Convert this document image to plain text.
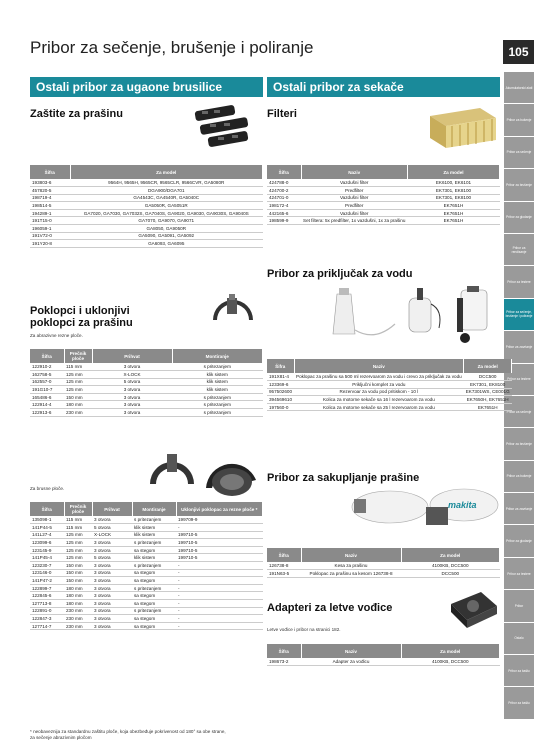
Pribor za sečenje, brušenje i poliranje	105
Akumulatorski alati
Pribor za bušenje
Pribor za sečenje
Pribor za brušenje
Pribor za glodanje
Pribor za rendisanje
Pribor za testere
Pribor za sečenje, brušenje i poliranje
Pribor za zavrtanje
Pribor za testere
Pribor za sečenje
Pribor za brušenje
Pribor za bušenje
Pribor za zavrtanje
Pribor za glodanje
Pribor za testere
Pribor
Ostalo
Pribor za baštu
Pribor za baštu
Ostali pribor za ugaone brusilice	Ostali pribor za sekače
Zaštite za prašinu
Šifra	Za model
193803-6	9564H, 9565H, 9565CR, 9565CLR, 9566CVR, GA5080R
457820-5	DGA900/DGA701
198719-4	GA4543C, GA4540R, GA5040C
198514-5	GA5050R, GA5051R
194289-1	GA7020, GA7030, GA7032S, GA7040S, GA9020, GA9030, GA9030S, GA9040S
191T15-0	GA7070, GA9070, GA9071
196059-1	GA8050, GA9050R
191V72-0	GA5090, GA5091, GA5092
191Y20-8	GA6093, GA6095
Poklopci i uklonjivi
poklopci za prašinu
Za abrazivne rezne ploče.
Šifra	Prečnik ploče	Prihvat	Montiranje
122910-2	115 mm	3 otvora	s pritezanjem
162758-5	125 mm	X-LOCK	klik sistem
162557-0	125 mm	5 otvora	klik sistem
191G10-7	125 mm	3 otvora	klik sistem
165486-6	150 mm	3 otvora	s pritezanjem
122914-4	180 mm	3 otvora	s pritezanjem
122913-6	230 mm	3 otvora	s pritezanjem
Za brusne ploče.
Šifra	Prečnik ploče	Prihvat	Montiranje	Uklonjivi poklopac za rezne ploče *
135098-1	115 mm	3 otvora	s pritezanjem	199709-9
141P44-5	115 mm	5 otvora	klik sistem	-
141L27-4	125 mm	X-LOCK	klik sistem	199710-5
123099-6	125 mm	3 otvora	s pritezanjem	199710-5
123145-9	125 mm	3 otvora	sa stegom	199710-5
141P45-4	125 mm	5 otvora	klik sistem	199710-5
123230-7	150 mm	3 otvora	s pritezanjem	-
123146-0	150 mm	3 otvora	sa stegom	-
141P47-2	150 mm	3 otvora	sa stegom	-
122899-7	180 mm	3 otvora	s pritezanjem	-
122845-6	180 mm	3 otvora	sa stegom	-
127713-8	180 mm	3 otvora	sa stegom	-
122891-0	230 mm	3 otvora	s pritezanjem	-
122847-3	230 mm	3 otvora	sa stegom	-
127714-7	230 mm	3 otvora	sa stegom	-
* neobaveznija za standardnu zaštitu ploče, koja obezbeđuje pokrivenost od 180° sa obe strane, za sečenje abrazivnim pločom
Filteri
Šifra	Naziv	Za model
424788-0	Vazdušni filter	EK6100, EK6101
424700-2	Predfilter	EK7301, EK8100
424701-0	Vazdušni filter	EK7301, EK8100
198172-4	Predfilter	EK7651H
442165-6	Vazdušni filter	EK7651H
198599-9	Set filtera: 5x predfilter, 1x vazdušni, 1x za prašinu	EK7651H
Pribor za priključak za vodu
Šifra	Naziv	Za model
191X81-4	Poklopac za prašinu sa 500 ml rezervoarom za vodu i crevo za priključak za vodu	DCC500
123369-6	Priključni komplet za vodu	EK7301, EK8100
957502600	Rezervoar za vodu pod pritiskom - 10 l	EK7301WS, CE001G
394569610	Kolica za motorne sekače sa 16 l rezervoarom za vodu	EK7650H, EK7651H
197560-0	Kolica za motorne sekače sa 25 l rezervoarom za vodu	EK7651H
Pribor za sakupljanje prašine
makita
Šifra	Naziv	Za model
126738-8	Kesa za prašinu	4100KB, DCC500
191N63-5	Poklopac za prašinu sa kesom 126738-8	DCC500
Adapteri za letve vođice
Letve vođice i pribor na stranici 182.
Šifra	Naziv	Za model
198673-2	Adapter za vođicu	4100KB, DCC500
